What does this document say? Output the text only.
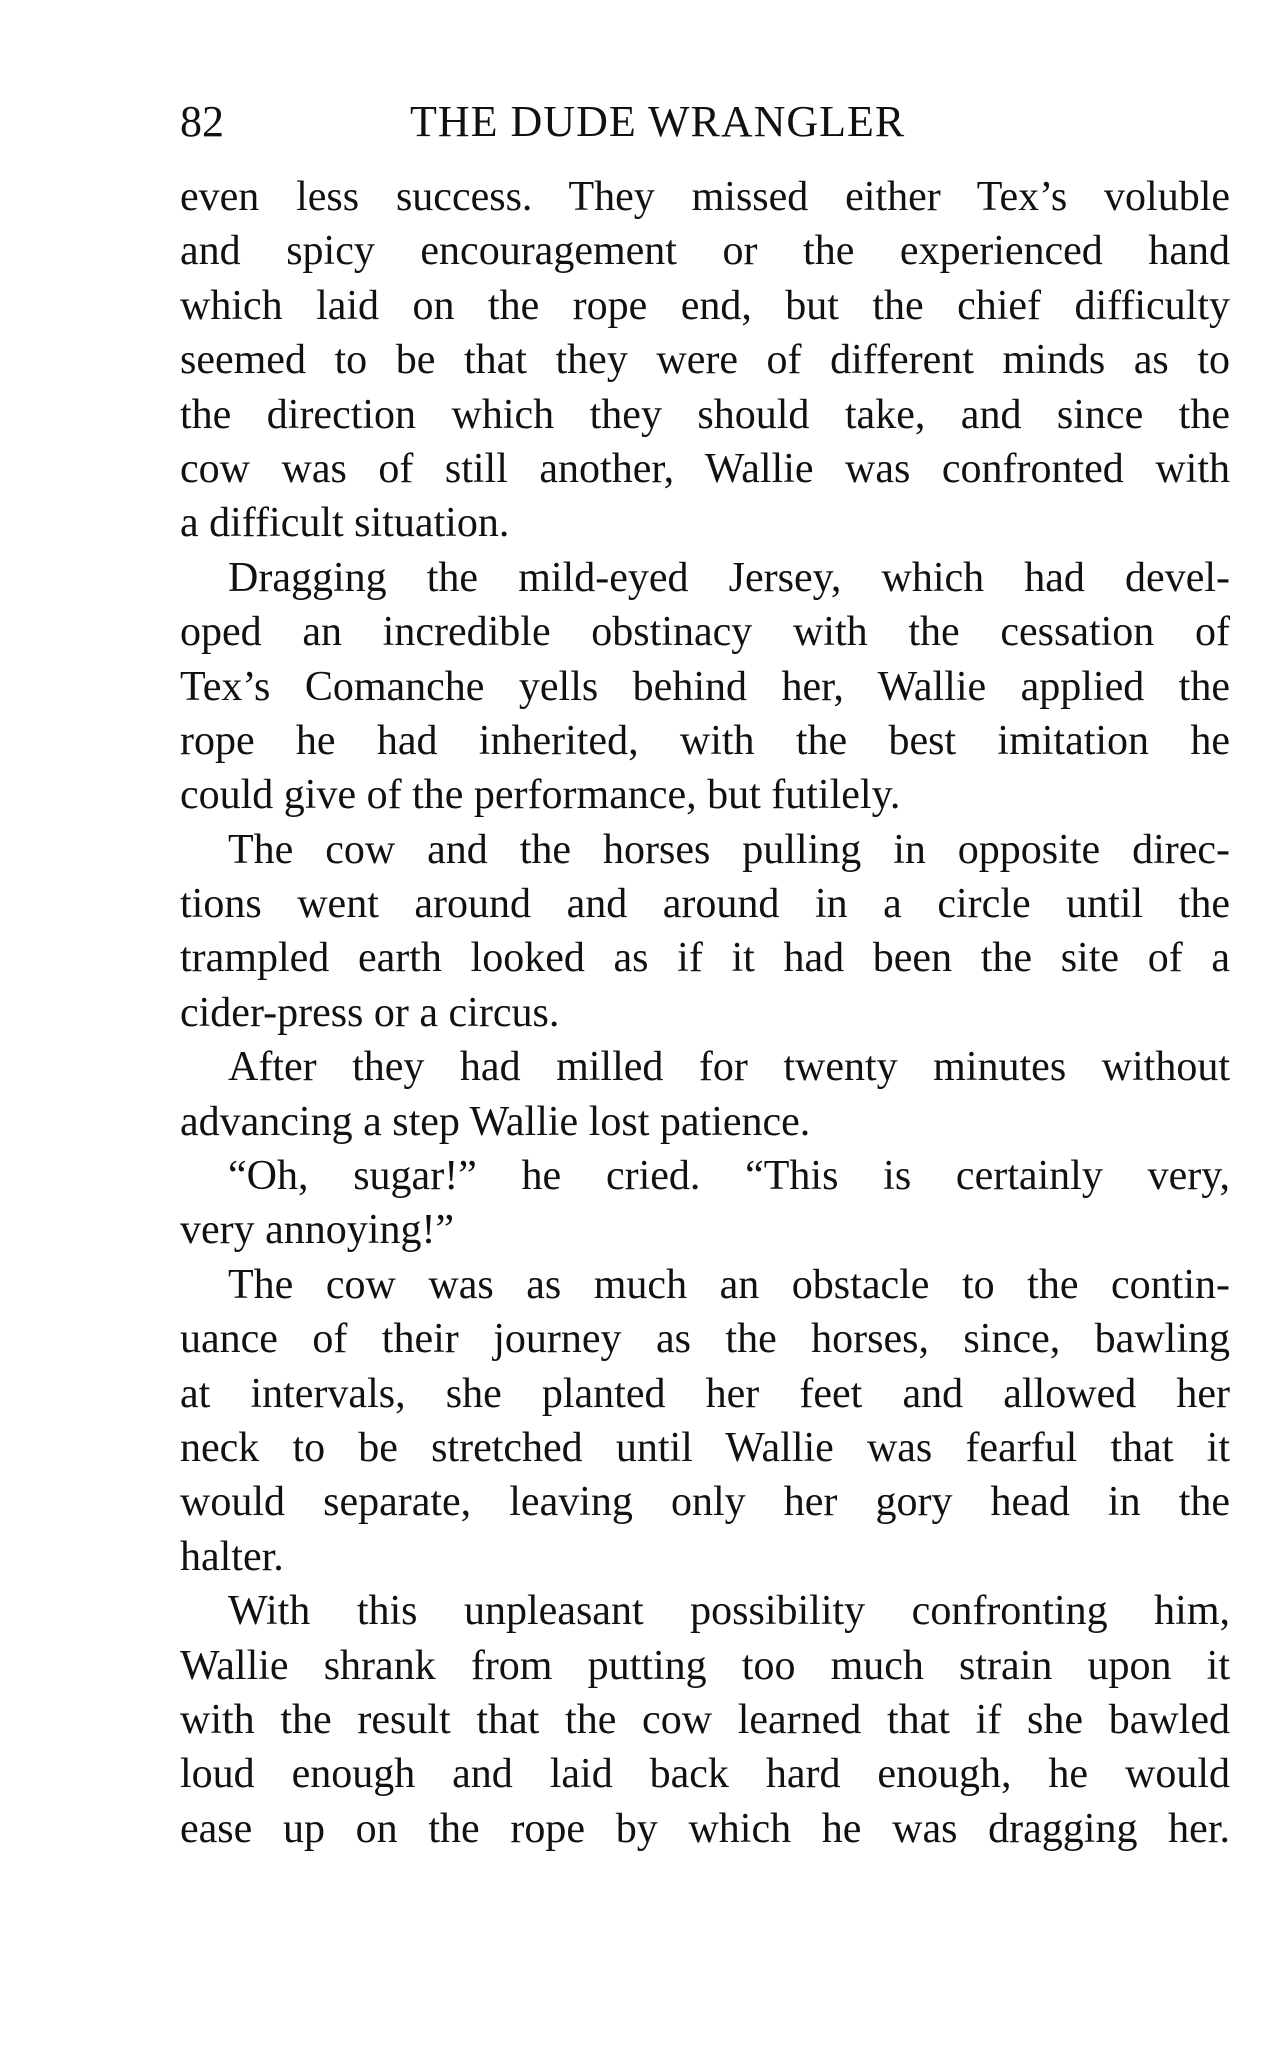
82	THE DUDE WRANGLER
even less success. They missed either Tex’s voluble
and spicy encouragement or the experienced hand
which laid on the rope end, but the chief difficulty
seemed to be that they were of different minds as to
the direction which they should take, and since the
cow was of still another, Wallie was confronted with
a difficult situation.
Dragging the mild-eyed Jersey, which had devel-
oped an incredible obstinacy with the cessation of
Tex’s Comanche yells behind her, Wallie applied the
rope he had inherited, with the best imitation he
could give of the performance, but futilely.
The cow and the horses pulling in opposite direc-
tions went around and around in a circle until the
trampled earth looked as if it had been the site of a
cider-press or a circus.
After they had milled for twenty minutes without
advancing a step Wallie lost patience.
“Oh, sugar!” he cried. “This is certainly very,
very annoying!”
The cow was as much an obstacle to the contin-
uance of their journey as the horses, since, bawling
at intervals, she planted her feet and allowed her
neck to be stretched until Wallie was fearful that it
would separate, leaving only her gory head in the
halter.
With this unpleasant possibility confronting him,
Wallie shrank from putting too much strain upon it
with the result that the cow learned that if she bawled
loud enough and laid back hard enough, he would
ease up on the rope by which he was dragging her.
